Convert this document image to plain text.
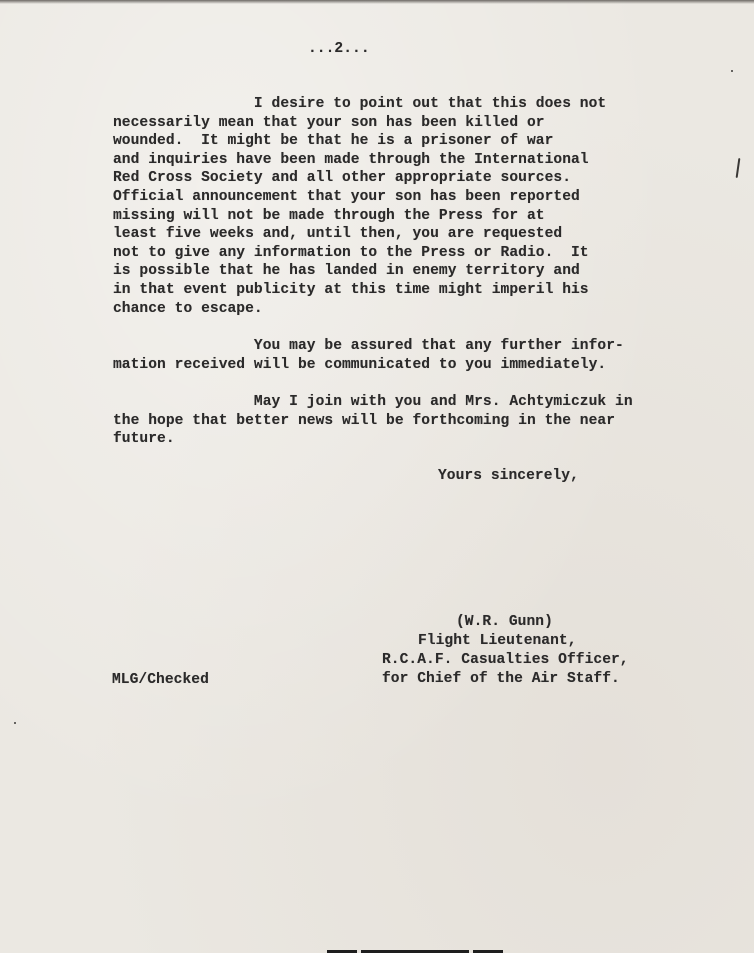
...2...
I desire to point out that this does not
necessarily mean that your son has been killed or
wounded.  It might be that he is a prisoner of war
and inquiries have been made through the International
Red Cross Society and all other appropriate sources.
Official announcement that your son has been reported
missing will not be made through the Press for at
least five weeks and, until then, you are requested
not to give any information to the Press or Radio.  It
is possible that he has landed in enemy territory and
in that event publicity at this time might imperil his
chance to escape.
You may be assured that any further infor-
mation received will be communicated to you immediately.
May I join with you and Mrs. Achtymiczuk in
the hope that better news will be forthcoming in the near
future.
Yours sincerely,
(W.R. Gunn)
Flight Lieutenant,
R.C.A.F. Casualties Officer,
for Chief of the Air Staff.
MLG/Checked
